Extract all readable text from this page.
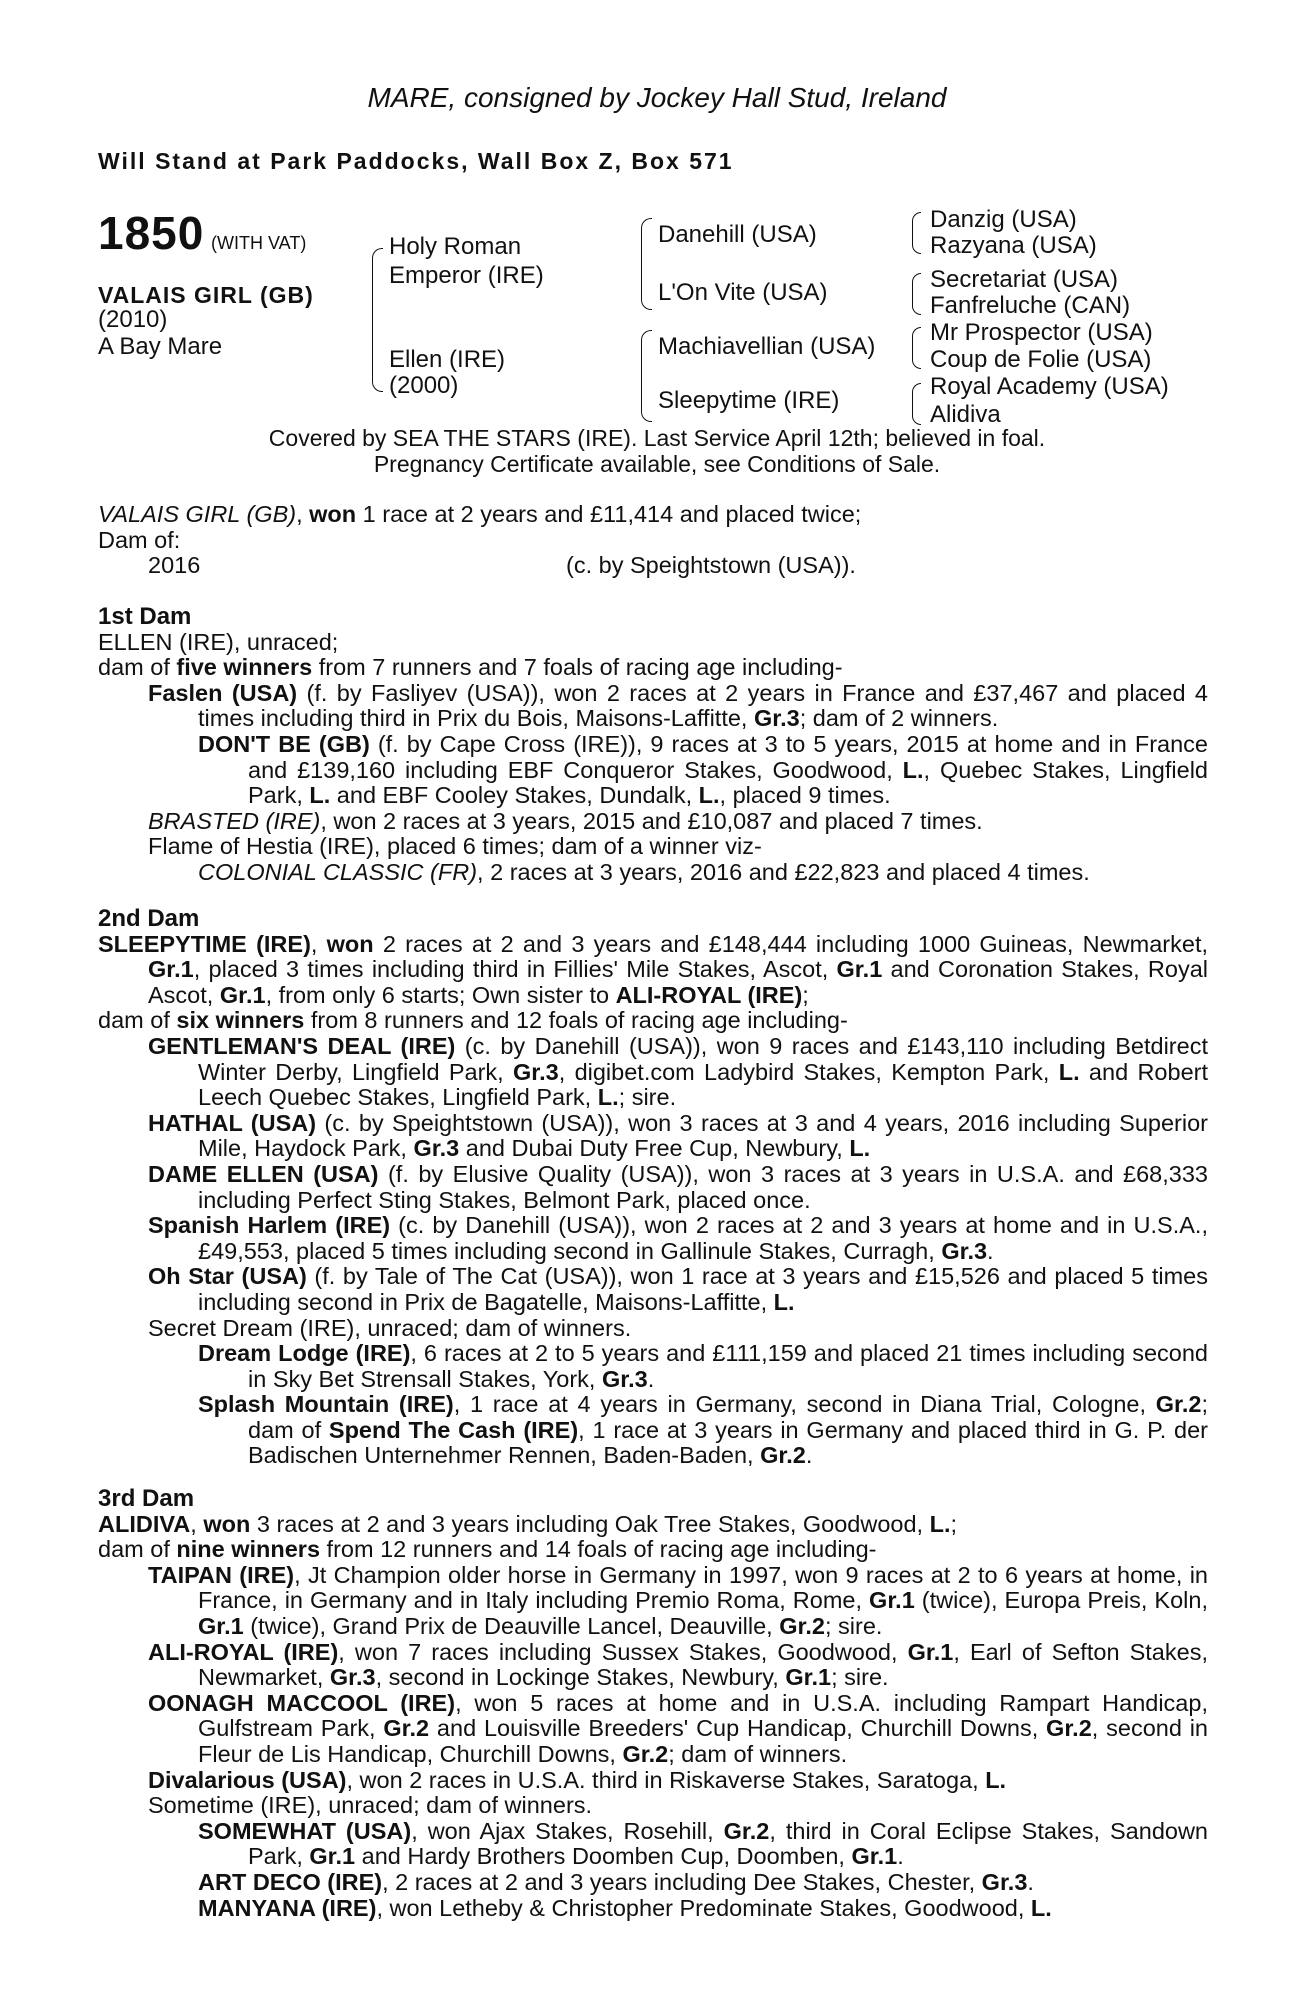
MARE, consigned by Jockey Hall Stud, Ireland
Will Stand at Park Paddocks, Wall Box Z, Box 571
1850 (WITH VAT)
VALAIS GIRL (GB)
(2010)
A Bay Mare
Holy Roman
Emperor (IRE)
Ellen (IRE)
(2000)
Danehill (USA)
L'On Vite (USA)
Machiavellian (USA)
Sleepytime (IRE)
Danzig (USA)
Razyana (USA)
Secretariat (USA)
Fanfreluche (CAN)
Mr Prospector (USA)
Coup de Folie (USA)
Royal Academy (USA)
Alidiva
Covered by SEA THE STARS (IRE). Last Service April 12th; believed in foal.
Pregnancy Certificate available, see Conditions of Sale.

VALAIS GIRL (GB), won 1 race at 2 years and £11,414 and placed twice;

Dam of:

2016	(c. by Speightstown (USA)).

1st Dam

ELLEN (IRE), unraced;

dam of five winners from 7 runners and 7 foals of racing age including-

Faslen (USA) (f. by Fasliyev (USA)), won 2 races at 2 years in France and £37,467 and placed 4 times including third in Prix du Bois, Maisons-Laffitte, Gr.3; dam of 2 winners.

DON'T BE (GB) (f. by Cape Cross (IRE)), 9 races at 3 to 5 years, 2015 at home and in France and £139,160 including EBF Conqueror Stakes, Goodwood, L., Quebec Stakes, Lingfield Park, L. and EBF Cooley Stakes, Dundalk, L., placed 9 times.

BRASTED (IRE), won 2 races at 3 years, 2015 and £10,087 and placed 7 times.

Flame of Hestia (IRE), placed 6 times; dam of a winner viz-

COLONIAL CLASSIC (FR), 2 races at 3 years, 2016 and £22,823 and placed 4 times.

2nd Dam

SLEEPYTIME (IRE), won 2 races at 2 and 3 years and £148,444 including 1000 Guineas, Newmarket, Gr.1, placed 3 times including third in Fillies' Mile Stakes, Ascot, Gr.1 and Coronation Stakes, Royal Ascot, Gr.1, from only 6 starts; Own sister to ALI-ROYAL (IRE);

dam of six winners from 8 runners and 12 foals of racing age including-

GENTLEMAN'S DEAL (IRE) (c. by Danehill (USA)), won 9 races and £143,110 including Betdirect Winter Derby, Lingfield Park, Gr.3, digibet.com Ladybird Stakes, Kempton Park, L. and Robert Leech Quebec Stakes, Lingfield Park, L.; sire.

HATHAL (USA) (c. by Speightstown (USA)), won 3 races at 3 and 4 years, 2016 including Superior Mile, Haydock Park, Gr.3 and Dubai Duty Free Cup, Newbury, L.

DAME ELLEN (USA) (f. by Elusive Quality (USA)), won 3 races at 3 years in U.S.A. and £68,333 including Perfect Sting Stakes, Belmont Park, placed once.

Spanish Harlem (IRE) (c. by Danehill (USA)), won 2 races at 2 and 3 years at home and in U.S.A., £49,553, placed 5 times including second in Gallinule Stakes, Curragh, Gr.3.

Oh Star (USA) (f. by Tale of The Cat (USA)), won 1 race at 3 years and £15,526 and placed 5 times including second in Prix de Bagatelle, Maisons-Laffitte, L.

Secret Dream (IRE), unraced; dam of winners.

Dream Lodge (IRE), 6 races at 2 to 5 years and £111,159 and placed 21 times including second in Sky Bet Strensall Stakes, York, Gr.3.

Splash Mountain (IRE), 1 race at 4 years in Germany, second in Diana Trial, Cologne, Gr.2; dam of Spend The Cash (IRE), 1 race at 3 years in Germany and placed third in G. P. der Badischen Unternehmer Rennen, Baden-Baden, Gr.2.

3rd Dam

ALIDIVA, won 3 races at 2 and 3 years including Oak Tree Stakes, Goodwood, L.;

dam of nine winners from 12 runners and 14 foals of racing age including-

TAIPAN (IRE), Jt Champion older horse in Germany in 1997, won 9 races at 2 to 6 years at home, in France, in Germany and in Italy including Premio Roma, Rome, Gr.1 (twice), Europa Preis, Koln, Gr.1 (twice), Grand Prix de Deauville Lancel, Deauville, Gr.2; sire.

ALI-ROYAL (IRE), won 7 races including Sussex Stakes, Goodwood, Gr.1, Earl of Sefton Stakes, Newmarket, Gr.3, second in Lockinge Stakes, Newbury, Gr.1; sire.

OONAGH MACCOOL (IRE), won 5 races at home and in U.S.A. including Rampart Handicap, Gulfstream Park, Gr.2 and Louisville Breeders' Cup Handicap, Churchill Downs, Gr.2, second in Fleur de Lis Handicap, Churchill Downs, Gr.2; dam of winners.

Divalarious (USA), won 2 races in U.S.A. third in Riskaverse Stakes, Saratoga, L.

Sometime (IRE), unraced; dam of winners.

SOMEWHAT (USA), won Ajax Stakes, Rosehill, Gr.2, third in Coral Eclipse Stakes, Sandown Park, Gr.1 and Hardy Brothers Doomben Cup, Doomben, Gr.1.

ART DECO (IRE), 2 races at 2 and 3 years including Dee Stakes, Chester, Gr.3.

MANYANA (IRE), won Letheby & Christopher Predominate Stakes, Goodwood, L.
